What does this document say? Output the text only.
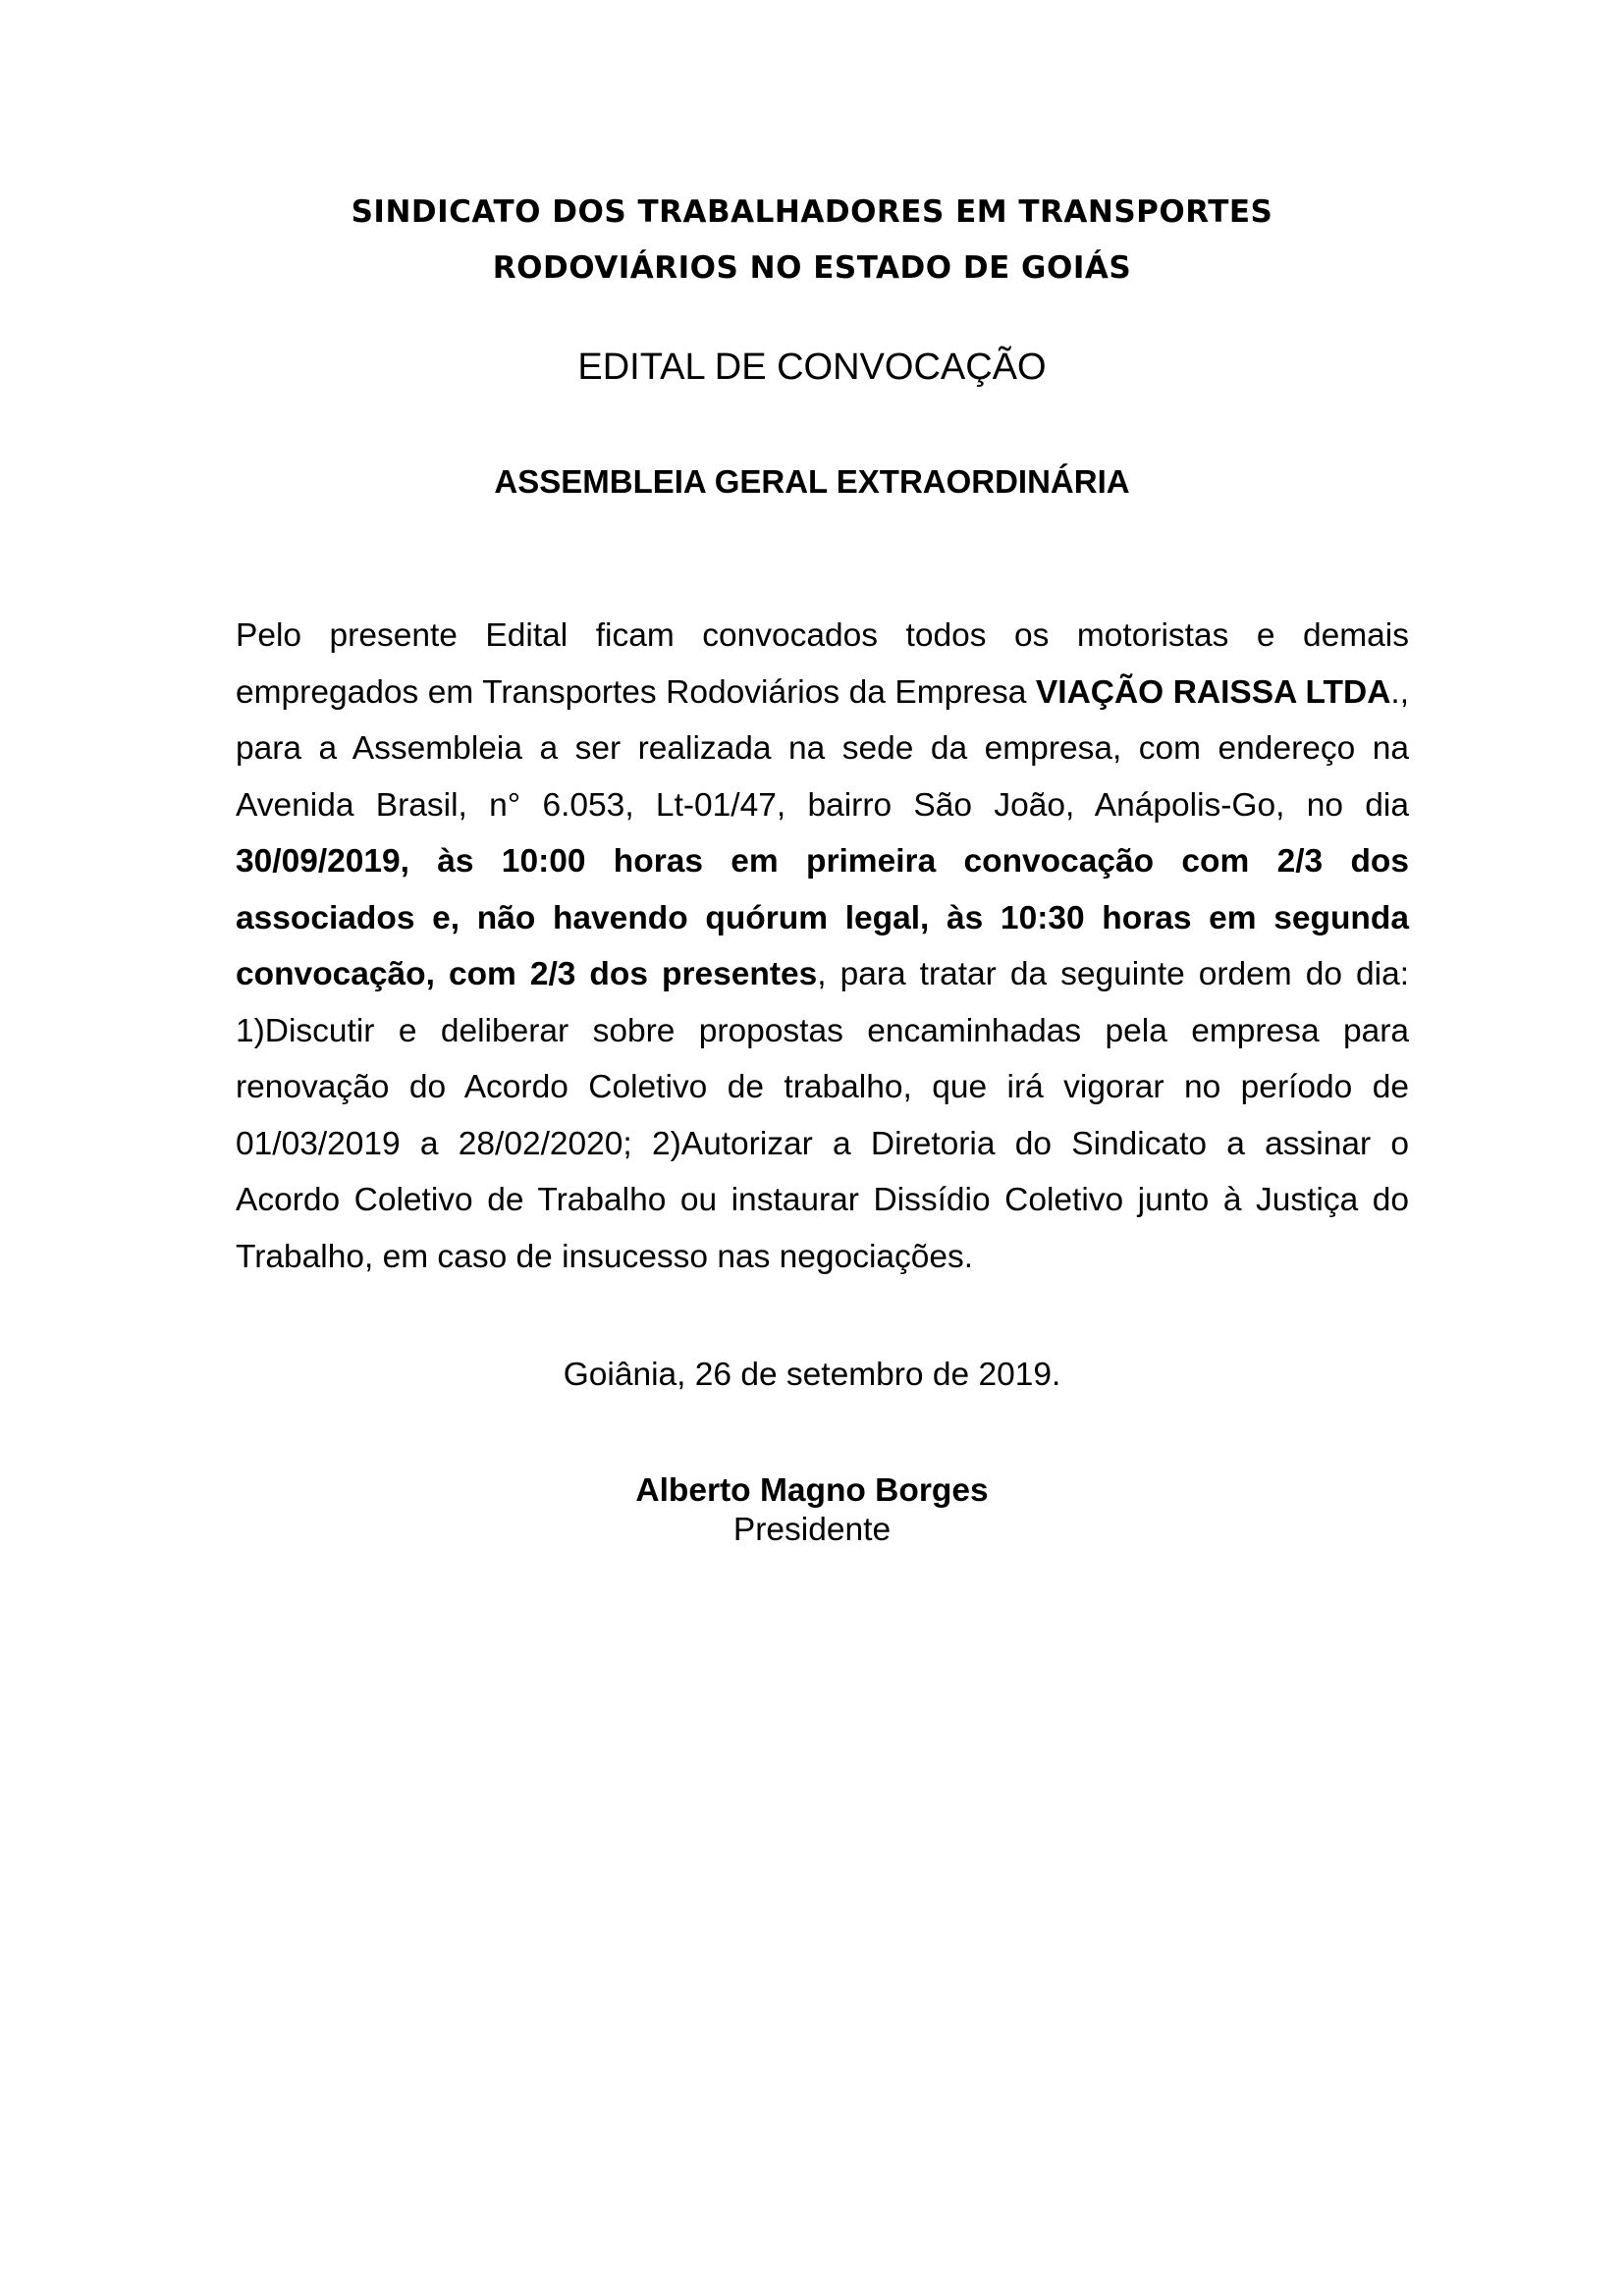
SINDICATO DOS TRABALHADORES EM TRANSPORTES
RODOVIÁRIOS NO ESTADO DE GOIÁS
EDITAL DE CONVOCAÇÃO
ASSEMBLEIA GERAL EXTRAORDINÁRIA
Pelo presente Edital ficam convocados todos os motoristas e demais empregados em Transportes Rodoviários da Empresa VIAÇÃO RAISSA LTDA., para a Assembleia a ser realizada na sede da empresa, com endereço na Avenida Brasil, n° 6.053, Lt-01/47, bairro São João, Anápolis-Go, no dia 30/09/2019, às 10:00 horas em primeira convocação com 2/3 dos associados e, não havendo quórum legal, às 10:30 horas em segunda convocação, com 2/3 dos presentes, para tratar da seguinte ordem do dia: 1)Discutir e deliberar sobre propostas encaminhadas pela empresa para renovação do Acordo Coletivo de trabalho, que irá vigorar no período de 01/03/2019 a 28/02/2020; 2)Autorizar a Diretoria do Sindicato a assinar o Acordo Coletivo de Trabalho ou instaurar Dissídio Coletivo junto à Justiça do Trabalho, em caso de insucesso nas negociações.
Goiânia, 26 de setembro de 2019.
Alberto Magno Borges
Presidente
